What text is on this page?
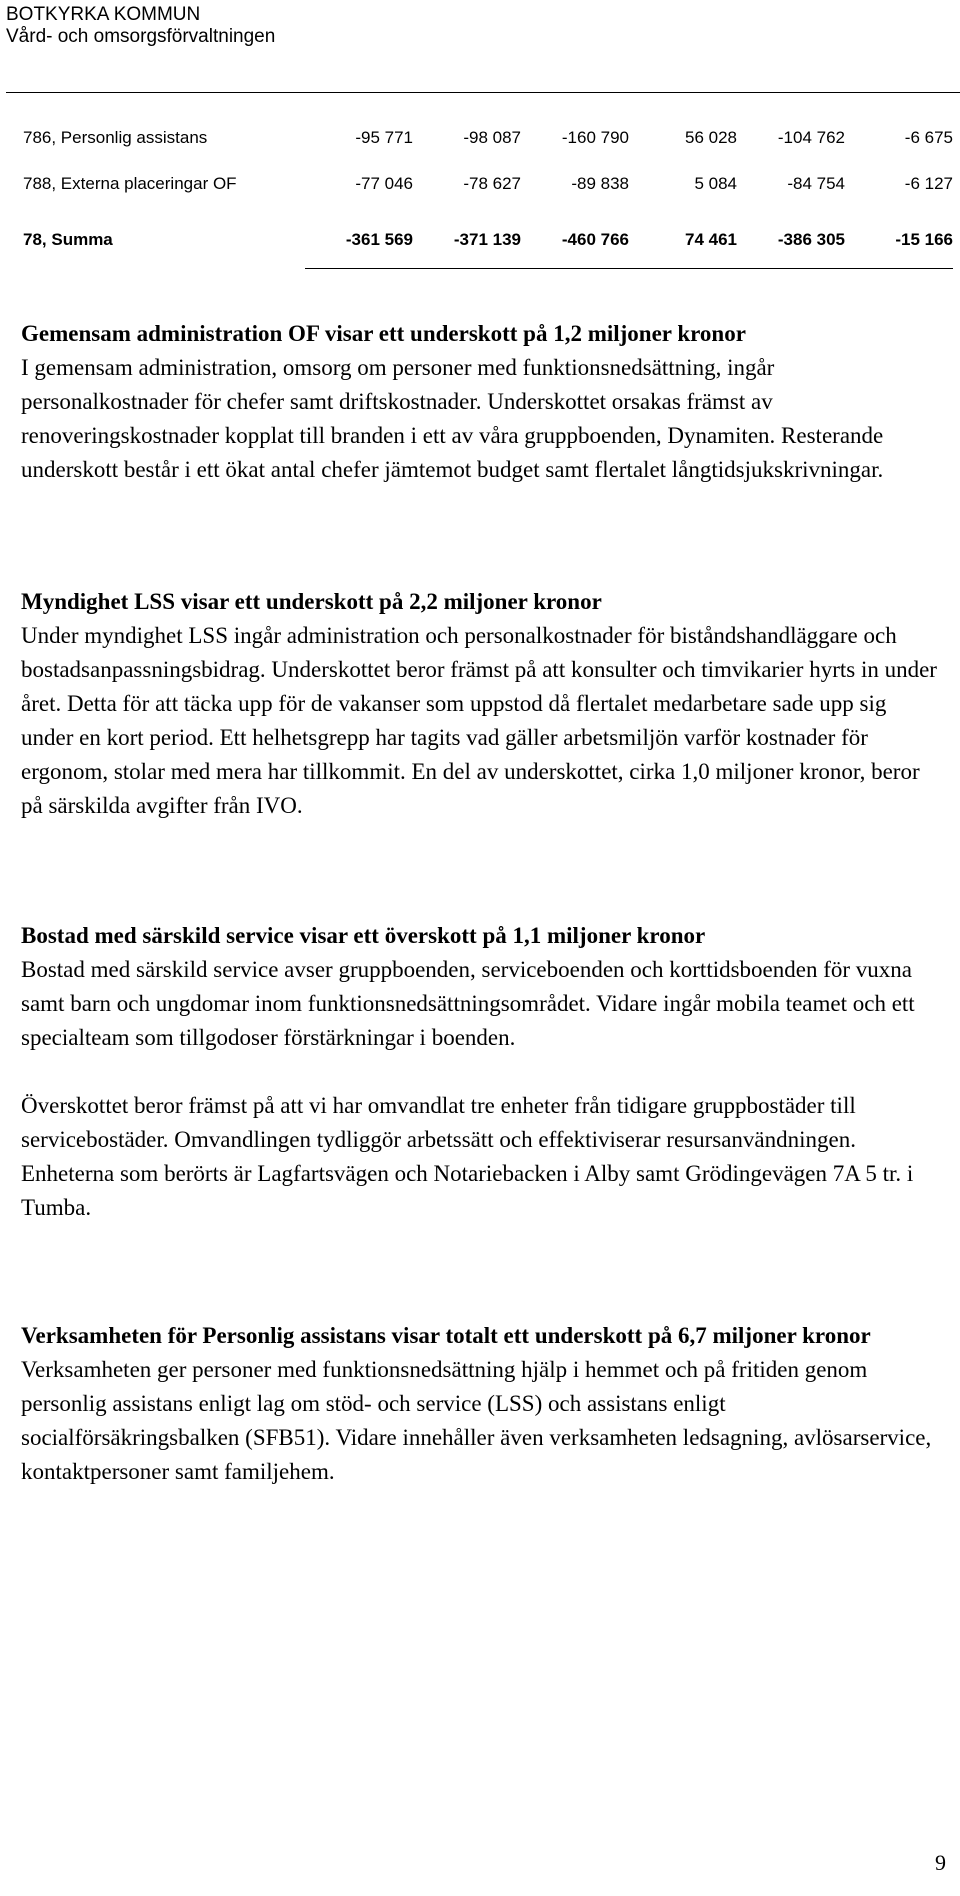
BOTKYRKA KOMMUN
Vård- och omsorgsförvaltningen
786, Personlig assistans	-95 771	-98 087	-160 790	56 028	-104 762	-6 675
788, Externa placeringar OF	-77 046	-78 627	-89 838	5 084	-84 754	-6 127
78, Summa	-361 569	-371 139	-460 766	74 461	-386 305	-15 166
Gemensam administration OF visar ett underskott på 1,2 miljoner kronor

I gemensam administration, omsorg om personer med funktionsnedsättning, ingår personalkostnader för chefer samt driftskostnader. Underskottet orsakas främst av renoveringskostnader kopplat till branden i ett av våra gruppboenden, Dynamiten. Resterande underskott består i ett ökat antal chefer jämtemot budget samt flertalet långtidsjukskrivningar.

Myndighet LSS visar ett underskott på 2,2 miljoner kronor

Under myndighet LSS ingår administration och personalkostnader för biståndshandläggare och bostadsanpassningsbidrag. Underskottet beror främst på att konsulter och timvikarier hyrts in under året. Detta för att täcka upp för de vakanser som uppstod då flertalet medarbetare sade upp sig under en kort period. Ett helhetsgrepp har tagits vad gäller arbetsmiljön varför kostnader för ergonom, stolar med mera har tillkommit. En del av underskottet, cirka 1,0 miljoner kronor, beror på särskilda avgifter från IVO.

Bostad med särskild service visar ett överskott på 1,1 miljoner kronor

Bostad med särskild service avser gruppboenden, serviceboenden och korttidsboenden för vuxna samt barn och ungdomar inom funktionsnedsättningsområdet. Vidare ingår mobila teamet och ett specialteam som tillgodoser förstärkningar i boenden.

Överskottet beror främst på att vi har omvandlat tre enheter från tidigare gruppbostäder till servicebostäder. Omvandlingen tydliggör arbetssätt och effektiviserar resursanvändningen. Enheterna som berörts är Lagfartsvägen och Notariebacken i Alby samt Grödingevägen 7A 5 tr. i Tumba.

Verksamheten för Personlig assistans visar totalt ett underskott på 6,7 miljoner kronor

Verksamheten ger personer med funktionsnedsättning hjälp i hemmet och på fritiden genom personlig assistans enligt lag om stöd- och service (LSS) och assistans enligt socialförsäkringsbalken (SFB51). Vidare innehåller även verksamheten ledsagning, avlösarservice, kontaktpersoner samt familjehem.

9
